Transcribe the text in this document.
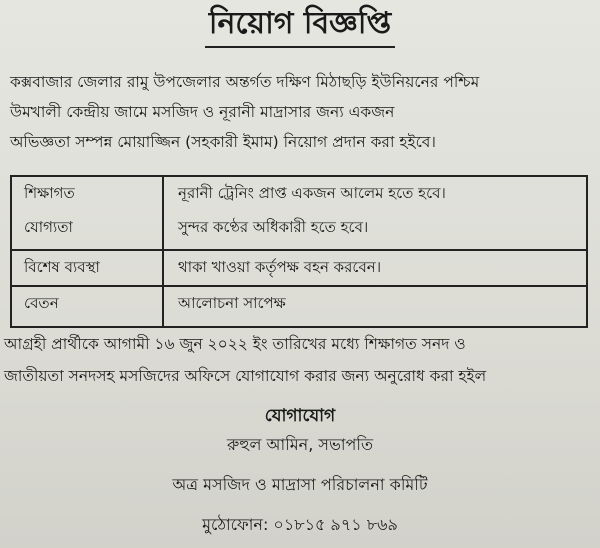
নিয়োগ বিজ্ঞপ্তি
কক্সবাজার জেলার রামু উপজেলার অন্তর্গত দক্ষিণ মিঠাছড়ি ইউনিয়নের পশ্চিম
উমখালী কেন্দ্রীয় জামে মসজিদ ও নূরানী মাদ্রাসার জন্য একজন
অভিজ্ঞতা সম্পন্ন মোয়াজ্জিন (সহকারী ইমাম) নিয়োগ প্রদান করা হইবে।
শিক্ষাগত
যোগ্যতা
নূরানী ট্রেনিং প্রাপ্ত একজন আলেম হতে হবে।
সুন্দর কণ্ঠের অধিকারী হতে হবে।
বিশেষ ব্যবস্থা	থাকা খাওয়া কর্তৃপক্ষ বহন করবেন।
বেতন	আলোচনা সাপেক্ষ
আগ্রহী প্রার্থীকে আগামী ১৬ জুন ২০২২ ইং তারিখের মধ্যে শিক্ষাগত সনদ ও
জাতীয়তা সনদসহ মসজিদের অফিসে যোগাযোগ করার জন্য অনুরোধ করা হইল
যোগাযোগ
রুহুল আমিন, সভাপতি
অত্র মসজিদ ও মাদ্রাসা পরিচালনা কমিটি
মুঠোফোন: ০১৮১৫ ৯৭১ ৮৬৯
